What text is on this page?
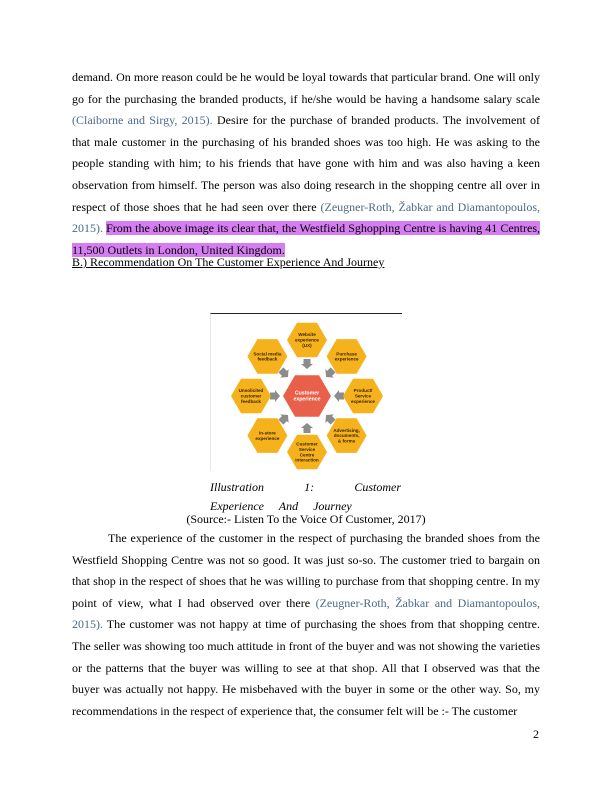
demand. On more reason could be he would be loyal towards that particular brand. One will only go for the purchasing the branded products, if he/she would be having a handsome salary scale (Claiborne and Sirgy, 2015). Desire for the purchase of branded products. The involvement of that male customer in the purchasing of his branded shoes was too high. He was asking to the people standing with him; to his friends that have gone with him and was also having a keen observation from himself. The person was also doing research in the shopping centre all over in respect of those shoes that he had seen over there (Zeugner-Roth, Žabkar and Diamantopoulos, 2015). From the above image its clear that, the Westfield Sghopping Centre is having 41 Centres, 11,500 Outlets in London, United Kingdom.

B.) Recommendation On The Customer Experience And Journey

Website experience (UX)
Purchase experience
Product/ Service experience
Advertising, documents, & forms
Customer Service Centre interaction
In-store experience
Unsolicited customer feedback
Social media feedback
Customer experience
Illustration 1: Customer Experience And Journey

(Source:- Listen To the Voice Of Customer, 2017)

The experience of the customer in the respect of purchasing the branded shoes from the Westfield Shopping Centre was not so good. It was just so-so. The customer tried to bargain on that shop in the respect of shoes that he was willing to purchase from that shopping centre. In my point of view, what I had observed over there (Zeugner-Roth, Žabkar and Diamantopoulos, 2015). The customer was not happy at time of purchasing the shoes from that shopping centre. The seller was showing too much attitude in front of the buyer and was not showing the varieties or the patterns that the buyer was willing to see at that shop. All that I observed was that the buyer was actually not happy. He misbehaved with the buyer in some or the other way. So, my recommendations in the respect of experience that, the consumer felt will be :- The customer

2
